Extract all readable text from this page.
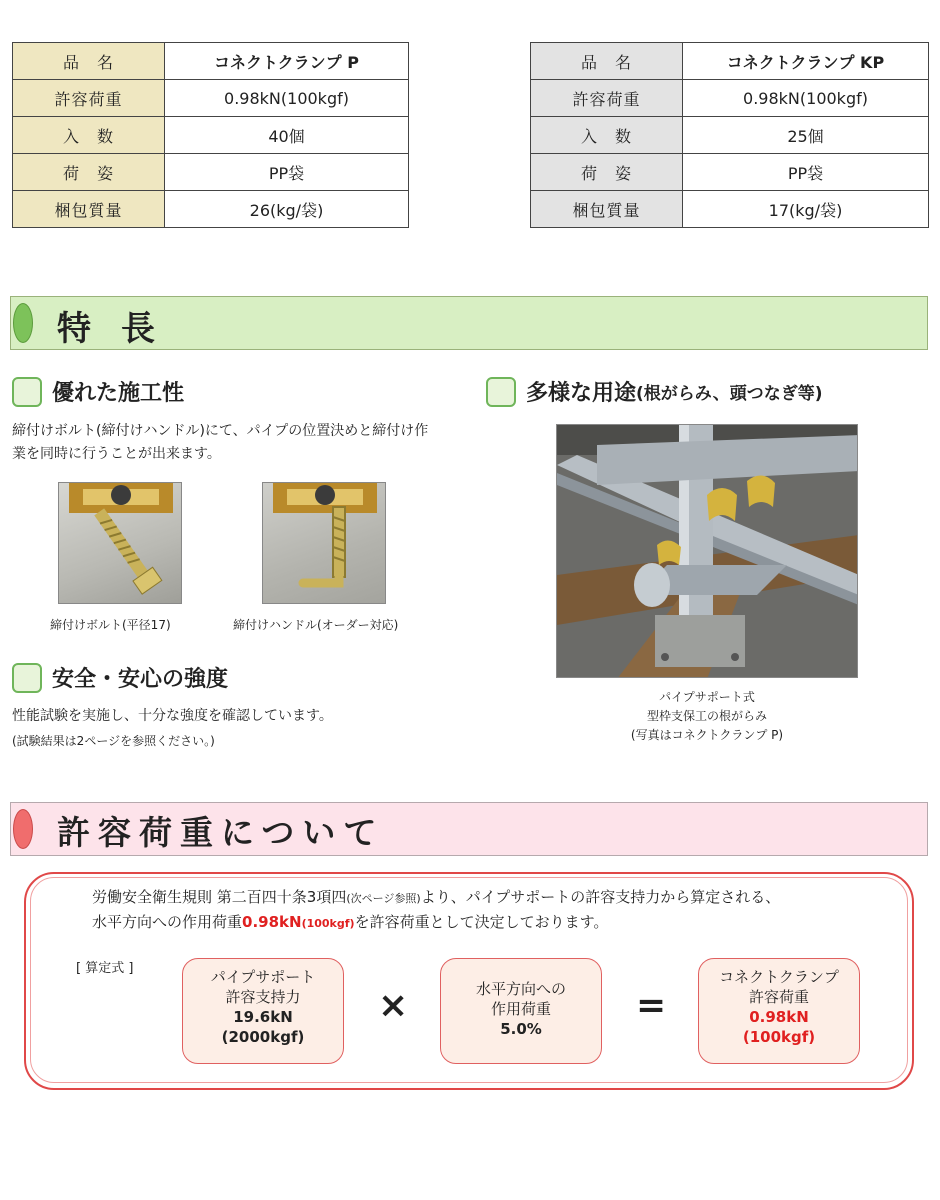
品　名	コネクトクランプ P
許容荷重	0.98kN(100kgf)
入　数	40個
荷　姿	PP袋
梱包質量	26(kg/袋)
品　名	コネクトクランプ KP
許容荷重	0.98kN(100kgf)
入　数	25個
荷　姿	PP袋
梱包質量	17(kg/袋)
特長
優れた施工性
締付けボルト(締付けハンドル)にて、パイプの位置決めと締付け作業を同時に行うことが出来ます。
締付けボルト(平径17)	締付けハンドル(オーダー対応)
多様な用途 (根がらみ、頭つなぎ等)
パイプサポート式
型枠支保工の根がらみ
(写真はコネクトクランプ P)
安全・安心の強度
性能試験を実施し、十分な強度を確認しています。
(試験結果は2ページを参照ください。)
許容荷重について
労働安全衛生規則 第二百四十条3項四(次ページ参照)より、パイプサポートの許容支持力から算定される、
水平方向への作用荷重0.98kN(100kgf)を許容荷重として決定しております。
[ 算定式 ]	パイプサポート
許容支持力
19.6kN
(2000kgf)
×	水平方向への
作用荷重
5.0%
=
コネクトクランプ
許容荷重
0.98kN
(100kgf)
